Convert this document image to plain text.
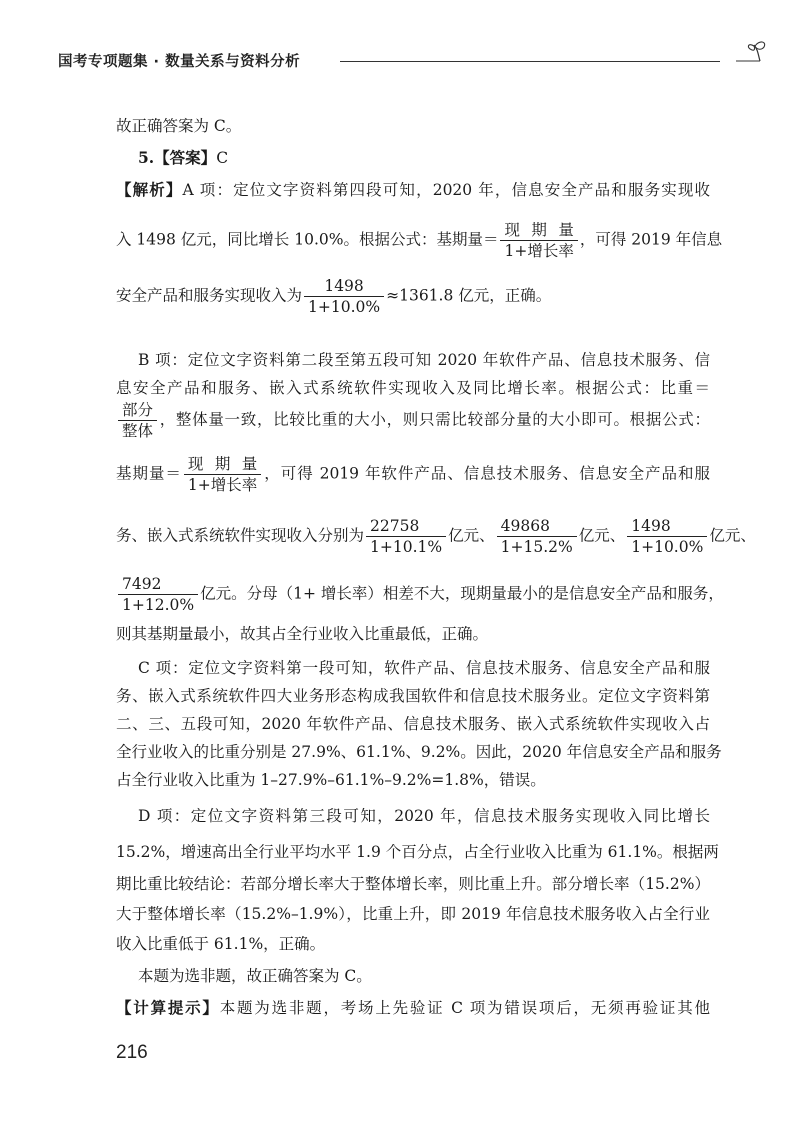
国考专项题集 · 数量关系与资料分析
故正确答案为 C。
5.【答案】C
【解析】A 项：定位文字资料第四段可知，2020 年，信息安全产品和服务实现收
入 1498 亿元，同比增长 10.0%。根据公式：基期量＝ $\frac{\text{现期量}}{\text{1+增长率}}$ ，可得 2019 年信息
安全产品和服务实现收入为 $\frac{1498}{1+10.0\%} \approx 1361.8$ 亿元，正确。
B 项：定位文字资料第二段至第五段可知 2020 年软件产品、信息技术服务、信
息安全产品和服务、嵌入式系统软件实现收入及同比增长率。根据公式：比重＝
$\frac{\text{部分}}{\text{整体}}$ ，整体量一致，比较比重的大小，则只需比较部分量的大小即可。根据公式：
基期量＝ $\frac{\text{现期量}}{\text{1+增长率}}$ ，可得 2019 年软件产品、信息技术服务、信息安全产品和服
务、嵌入式系统软件实现收入分别为 $\frac{22758}{1+10.1\%}$ 亿元、 $\frac{49868}{1+15.2\%}$ 亿元、 $\frac{1498}{1+10.0\%}$ 亿元、
$\frac{7492}{1+12.0\%}$ 亿元。分母（1+ 增长率）相差不大，现期量最小的是信息安全产品和服务，
则其基期量最小，故其占全行业收入比重最低，正确。
C 项：定位文字资料第一段可知，软件产品、信息技术服务、信息安全产品和服
务、嵌入式系统软件四大业务形态构成我国软件和信息技术服务业。定位文字资料第
二、三、五段可知，2020 年软件产品、信息技术服务、嵌入式系统软件实现收入占
全行业收入的比重分别是 27.9%、61.1%、9.2%。因此，2020 年信息安全产品和服务
占全行业收入比重为 1–27.9%–61.1%–9.2%=1.8%，错误。
D 项：定位文字资料第三段可知，2020 年，信息技术服务实现收入同比增长
15.2%，增速高出全行业平均水平 1.9 个百分点，占全行业收入比重为 61.1%。根据两
期比重比较结论：若部分增长率大于整体增长率，则比重上升。部分增长率（15.2%）
大于整体增长率（15.2%–1.9%），比重上升，即 2019 年信息技术服务收入占全行业
收入比重低于 61.1%，正确。
本题为选非题，故正确答案为 C。
【计算提示】本题为选非题，考场上先验证 C 项为错误项后，无须再验证其他
216
